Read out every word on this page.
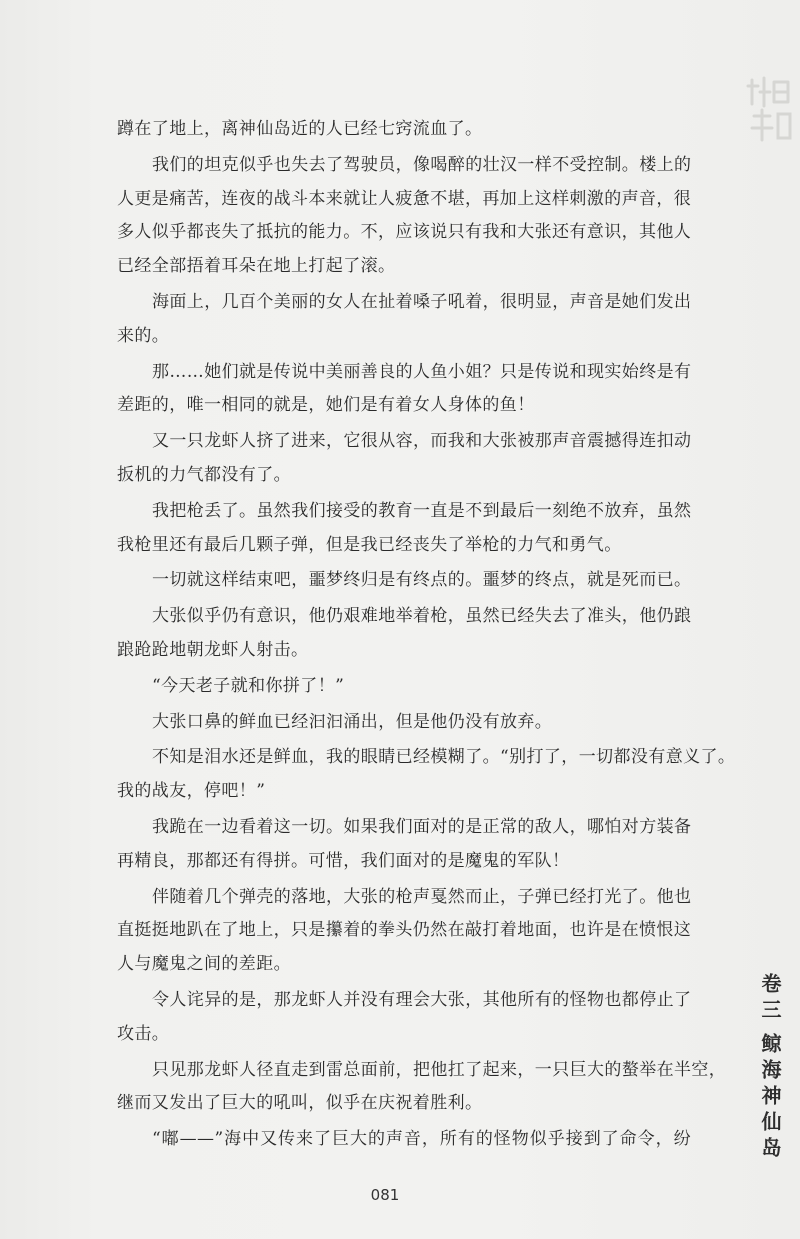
蹲在了地上，离神仙岛近的人已经七窍流血了。
我们的坦克似乎也失去了驾驶员，像喝醉的壮汉一样不受控制。楼上的
人更是痛苦，连夜的战斗本来就让人疲惫不堪，再加上这样刺激的声音，很
多人似乎都丧失了抵抗的能力。不，应该说只有我和大张还有意识，其他人
已经全部捂着耳朵在地上打起了滚。
海面上，几百个美丽的女人在扯着嗓子吼着，很明显，声音是她们发出
来的。
那……她们就是传说中美丽善良的人鱼小姐？只是传说和现实始终是有
差距的，唯一相同的就是，她们是有着女人身体的鱼！
又一只龙虾人挤了进来，它很从容，而我和大张被那声音震撼得连扣动
扳机的力气都没有了。
我把枪丢了。虽然我们接受的教育一直是不到最后一刻绝不放弃，虽然
我枪里还有最后几颗子弹，但是我已经丧失了举枪的力气和勇气。
一切就这样结束吧，噩梦终归是有终点的。噩梦的终点，就是死而已。
大张似乎仍有意识，他仍艰难地举着枪，虽然已经失去了准头，他仍踉
踉跄跄地朝龙虾人射击。
“今天老子就和你拼了！”
大张口鼻的鲜血已经汩汩涌出，但是他仍没有放弃。
不知是泪水还是鲜血，我的眼睛已经模糊了。“别打了，一切都没有意义了。
我的战友，停吧！”
我跪在一边看着这一切。如果我们面对的是正常的敌人，哪怕对方装备
再精良，那都还有得拼。可惜，我们面对的是魔鬼的军队！
伴随着几个弹壳的落地，大张的枪声戛然而止，子弹已经打光了。他也
直挺挺地趴在了地上，只是攥着的拳头仍然在敲打着地面，也许是在愤恨这
人与魔鬼之间的差距。
令人诧异的是，那龙虾人并没有理会大张，其他所有的怪物也都停止了
攻击。
只见那龙虾人径直走到雷总面前，把他扛了起来，一只巨大的螯举在半空，
继而又发出了巨大的吼叫，似乎在庆祝着胜利。
“嘟——”海中又传来了巨大的声音，所有的怪物似乎接到了命令，纷
卷三
鲸海神仙岛
081
